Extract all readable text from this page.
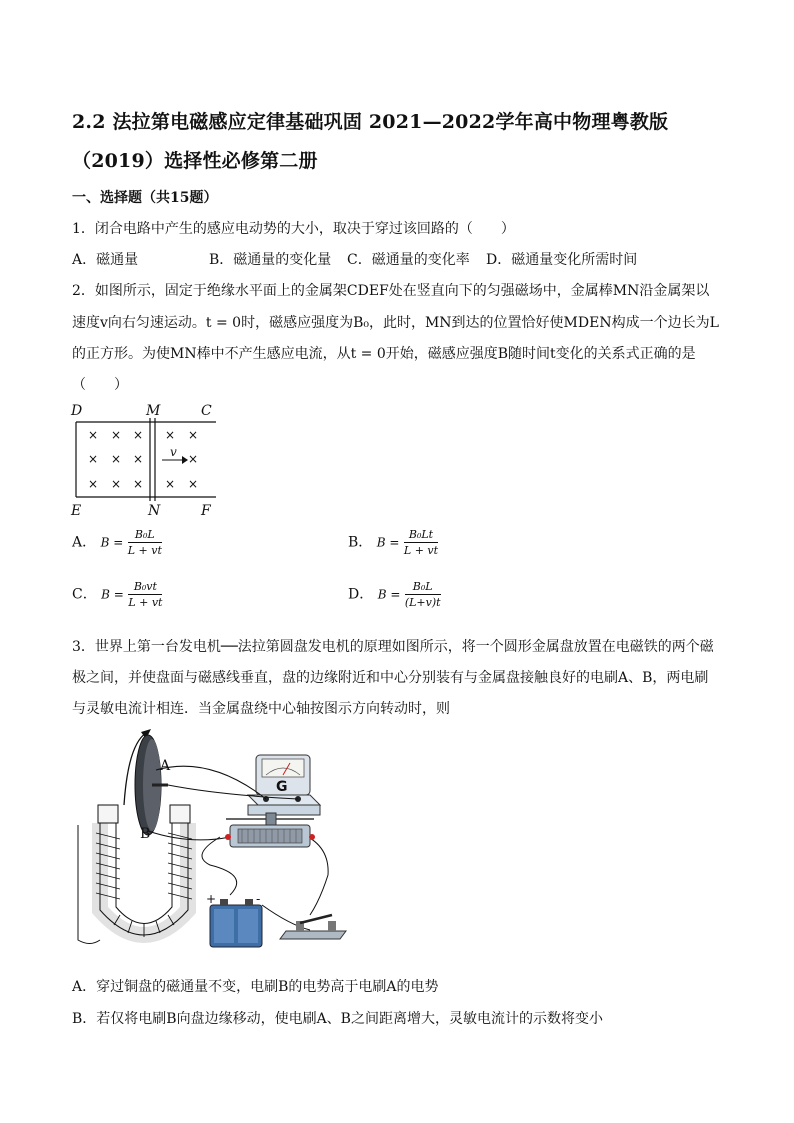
2.2 法拉第电磁感应定律基础巩固 2021—2022学年高中物理粤教版
（2019）选择性必修第二册
一、选择题（共15题）
1．闭合电路中产生的感应电动势的大小，取决于穿过该回路的（　　）
A．磁通量	B．磁通量的变化量 C．磁通量的变化率 D．磁通量变化所需时间
2．如图所示，固定于绝缘水平面上的金属架CDEF处在竖直向下的匀强磁场中，金属棒MN沿金属架以
速度v向右匀速运动。t = 0时，磁感应强度为B₀，此时，MN到达的位置恰好使MDEN构成一个边长为L
的正方形。为使MN棒中不产生感应电流，从t = 0开始，磁感应强度B随时间t变化的关系式正确的是
（　　）
× × × × ×
× × ×	×
× × × × ×
v
D	M	C
E	N	F
A． $B = \frac{\text{B₀L}}{L + vt}$	B． $B = \frac{\text{B₀Lt}}{L + vt}$
C． $B = \frac{\text{B₀vt}}{L + vt}$	D． $B = \frac{\text{B₀L}}{(L+v)t}$
3．世界上第一台发电机──法拉第圆盘发电机的原理如图所示，将一个圆形金属盘放置在电磁铁的两个磁
极之间，并使盘面与磁感线垂直，盘的边缘附近和中心分别装有与金属盘接触良好的电刷A、B，两电刷
与灵敏电流计相连．当金属盘绕中心轴按图示方向转动时，则
A
B
G
+	-
A．穿过铜盘的磁通量不变，电刷B的电势高于电刷A的电势
B．若仅将电刷B向盘边缘移动，使电刷A、B之间距离增大，灵敏电流计的示数将变小
